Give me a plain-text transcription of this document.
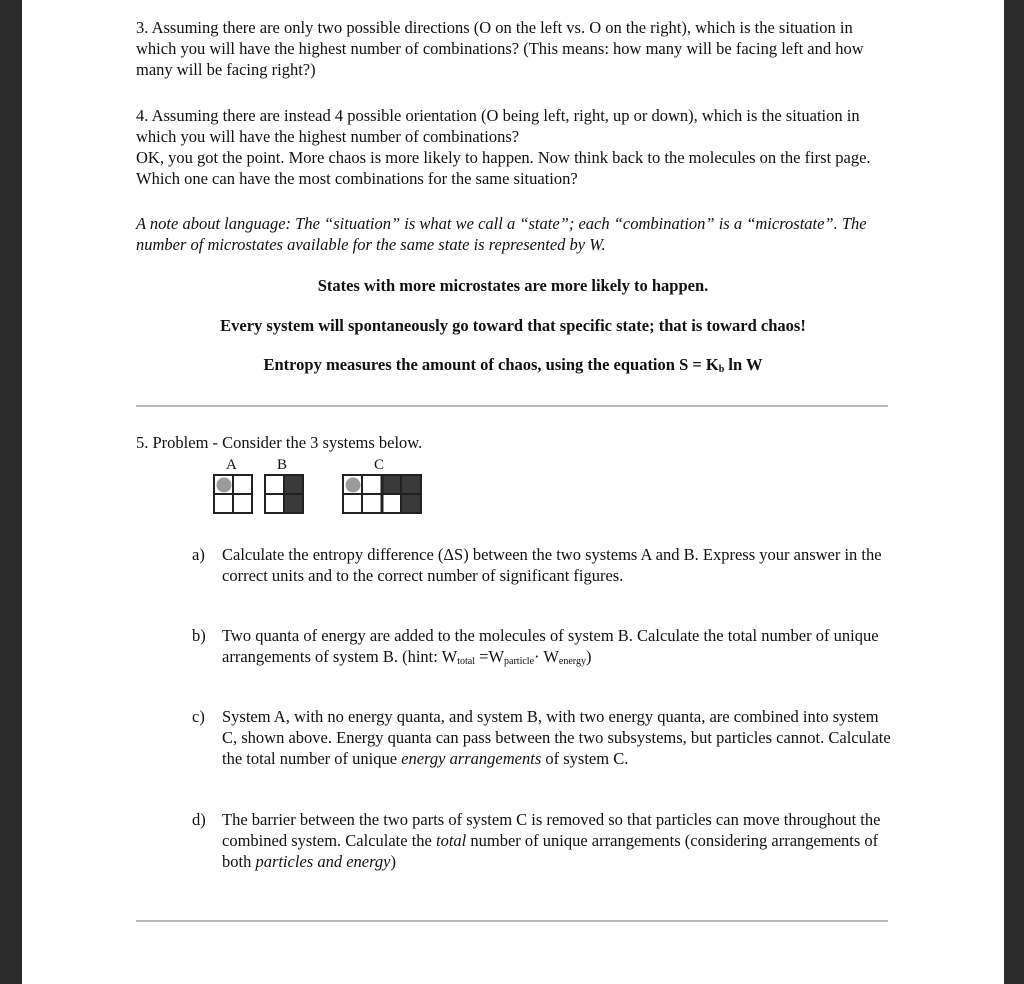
3. Assuming there are only two possible directions (O on the left vs. O on the right), which is the situation in which you will have the highest number of combinations? (This means: how many will be facing left and how many will be facing right?)
4. Assuming there are instead 4 possible orientation (O being left, right, up or down), which is the situation in which you will have the highest number of combinations?
OK, you got the point. More chaos is more likely to happen. Now think back to the molecules on the first page. Which one can have the most combinations for the same situation?
A note about language: The “situation” is what we call a “state”; each “combination” is a “microstate”. The number of microstates available for the same state is represented by W.
States with more microstates are more likely to happen.
Every system will spontaneously go toward that specific state; that is toward chaos!
Entropy measures the amount of chaos, using the equation $S = K_b$ ln W
5. Problem - Consider the 3 systems below.
A	B	C
a) Calculate the entropy difference (ΔS) between the two systems A and B. Express your answer in the correct units and to the correct number of significant figures.
b) Two quanta of energy are added to the molecules of system B. Calculate the total number of unique arrangements of system B. (hint: $W_{total} =W_{particle}\cdot W_{energy}$)
c) System A, with no energy quanta, and system B, with two energy quanta, are combined into system C, shown above. Energy quanta can pass between the two subsystems, but particles cannot. Calculate the total number of unique energy arrangements of system C.
d) The barrier between the two parts of system C is removed so that particles can move throughout the combined system. Calculate the total number of unique arrangements (considering arrangements of both particles and energy)
